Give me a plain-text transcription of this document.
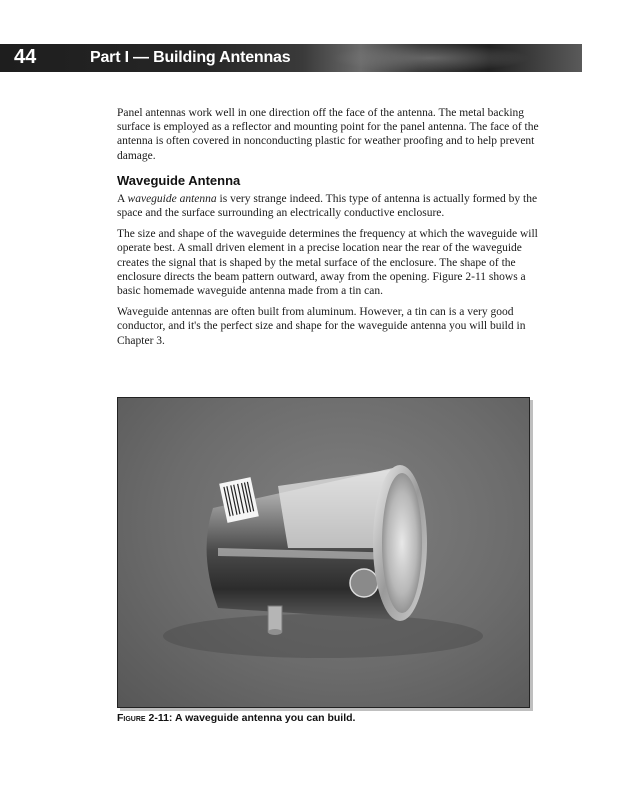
44	Part I — Building Antennas

Panel antennas work well in one direction off the face of the antenna. The metal backing surface is employed as a reflector and mounting point for the panel antenna. The face of the antenna is often covered in nonconducting plastic for weather proofing and to help prevent damage.

Waveguide Antenna

A waveguide antenna is very strange indeed. This type of antenna is actually formed by the space and the surface surrounding an electrically conductive enclosure.

The size and shape of the waveguide determines the frequency at which the waveguide will operate best. A small driven element in a precise location near the rear of the waveguide creates the signal that is shaped by the metal surface of the enclosure. The shape of the enclosure directs the beam pattern outward, away from the opening. Figure 2-11 shows a basic homemade waveguide antenna made from a tin can.

Waveguide antennas are often built from aluminum. However, a tin can is a very good conductor, and it's the perfect size and shape for the waveguide antenna you will build in Chapter 3.

Figure 2-11: A waveguide antenna you can build.
